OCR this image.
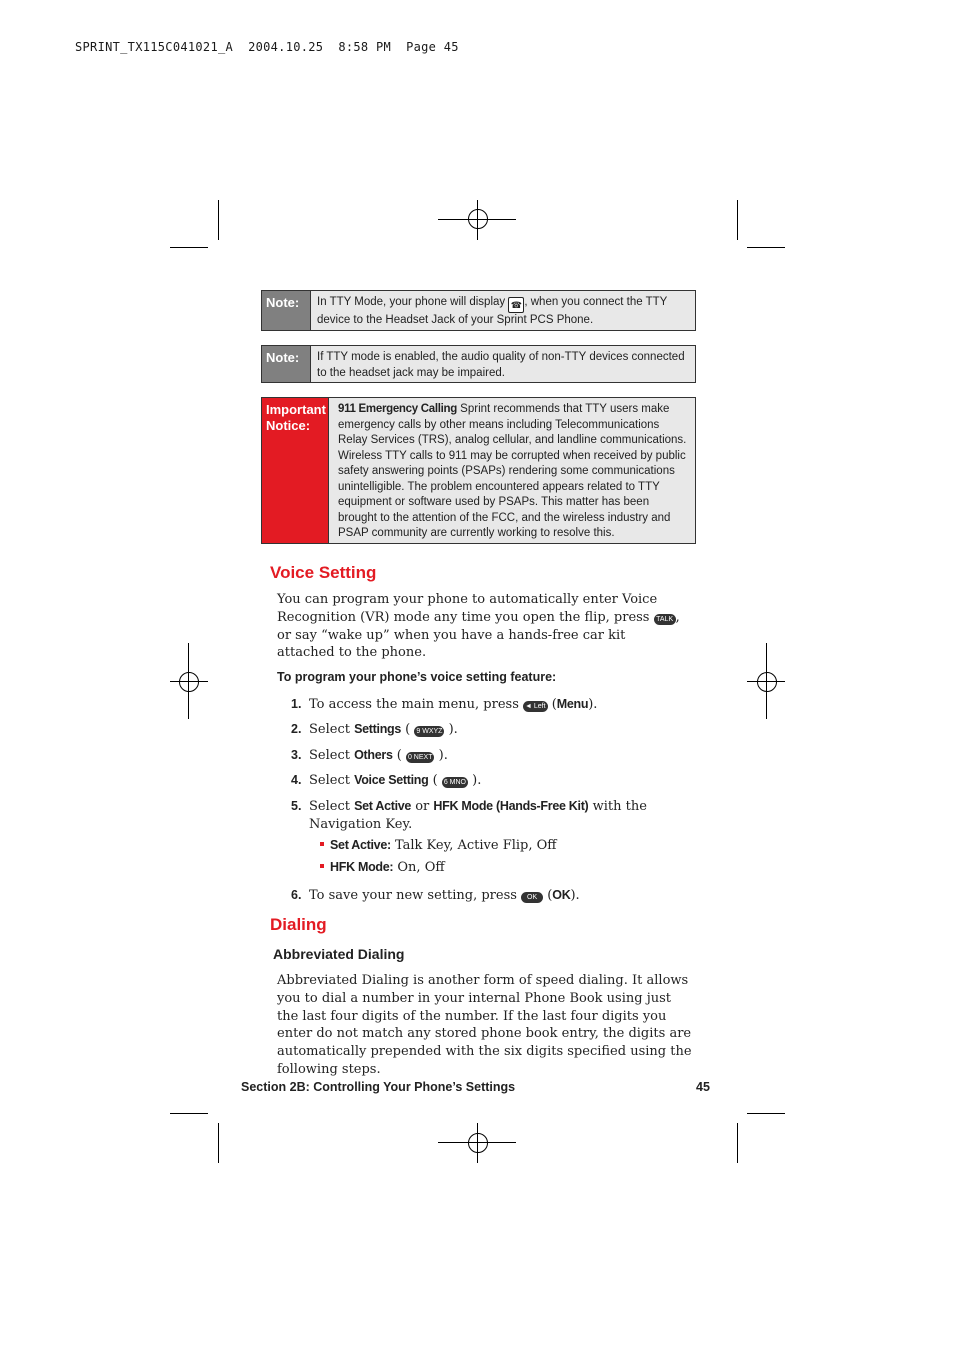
SPRINT_TX115C041021_A  2004.10.25  8:58 PM  Page 45
Note:	In TTY Mode, your phone will display ☎ , when you connect the TTY device to the Headset Jack of your Sprint PCS Phone.
Note:	If TTY mode is enabled, the audio quality of non-TTY devices connected to the headset jack may be impaired.
Important Notice:
911 Emergency Calling Sprint recommends that TTY users make emergency calls by other means including Telecommunications Relay Services (TRS), analog cellular, and landline communications. Wireless TTY calls to 911 may be corrupted when received by public safety answering points (PSAPs) rendering some communications unintelligible. The problem encountered appears related to TTY equipment or software used by PSAPs. This matter has been brought to the attention of the FCC, and the wireless industry and PSAP community are currently working to resolve this.
Voice Setting
You can program your phone to automatically enter Voice Recognition (VR) mode any time you open the flip, press TALK , or say “wake up” when you have a hands-free car kit attached to the phone.
To program your phone’s voice setting feature:
1. To access the main menu, press ◄ Left (Menu).
2. Select Settings ( 9 WXYZ ).
3. Select Others ( 0 NEXT ).
4. Select Voice Setting ( 6 MNO ).
5. Select Set Active or HFK Mode (Hands-Free Kit) with the Navigation Key.
Set Active: Talk Key, Active Flip, Off
HFK Mode: On, Off
6. To save your new setting, press OK (OK).
Dialing
Abbreviated Dialing
Abbreviated Dialing is another form of speed dialing. It allows you to dial a number in your internal Phone Book using just the last four digits of the number. If the last four digits you enter do not match any stored phone book entry, the digits are automatically prepended with the six digits specified using the following steps.
Section 2B: Controlling Your Phone’s Settings	45
